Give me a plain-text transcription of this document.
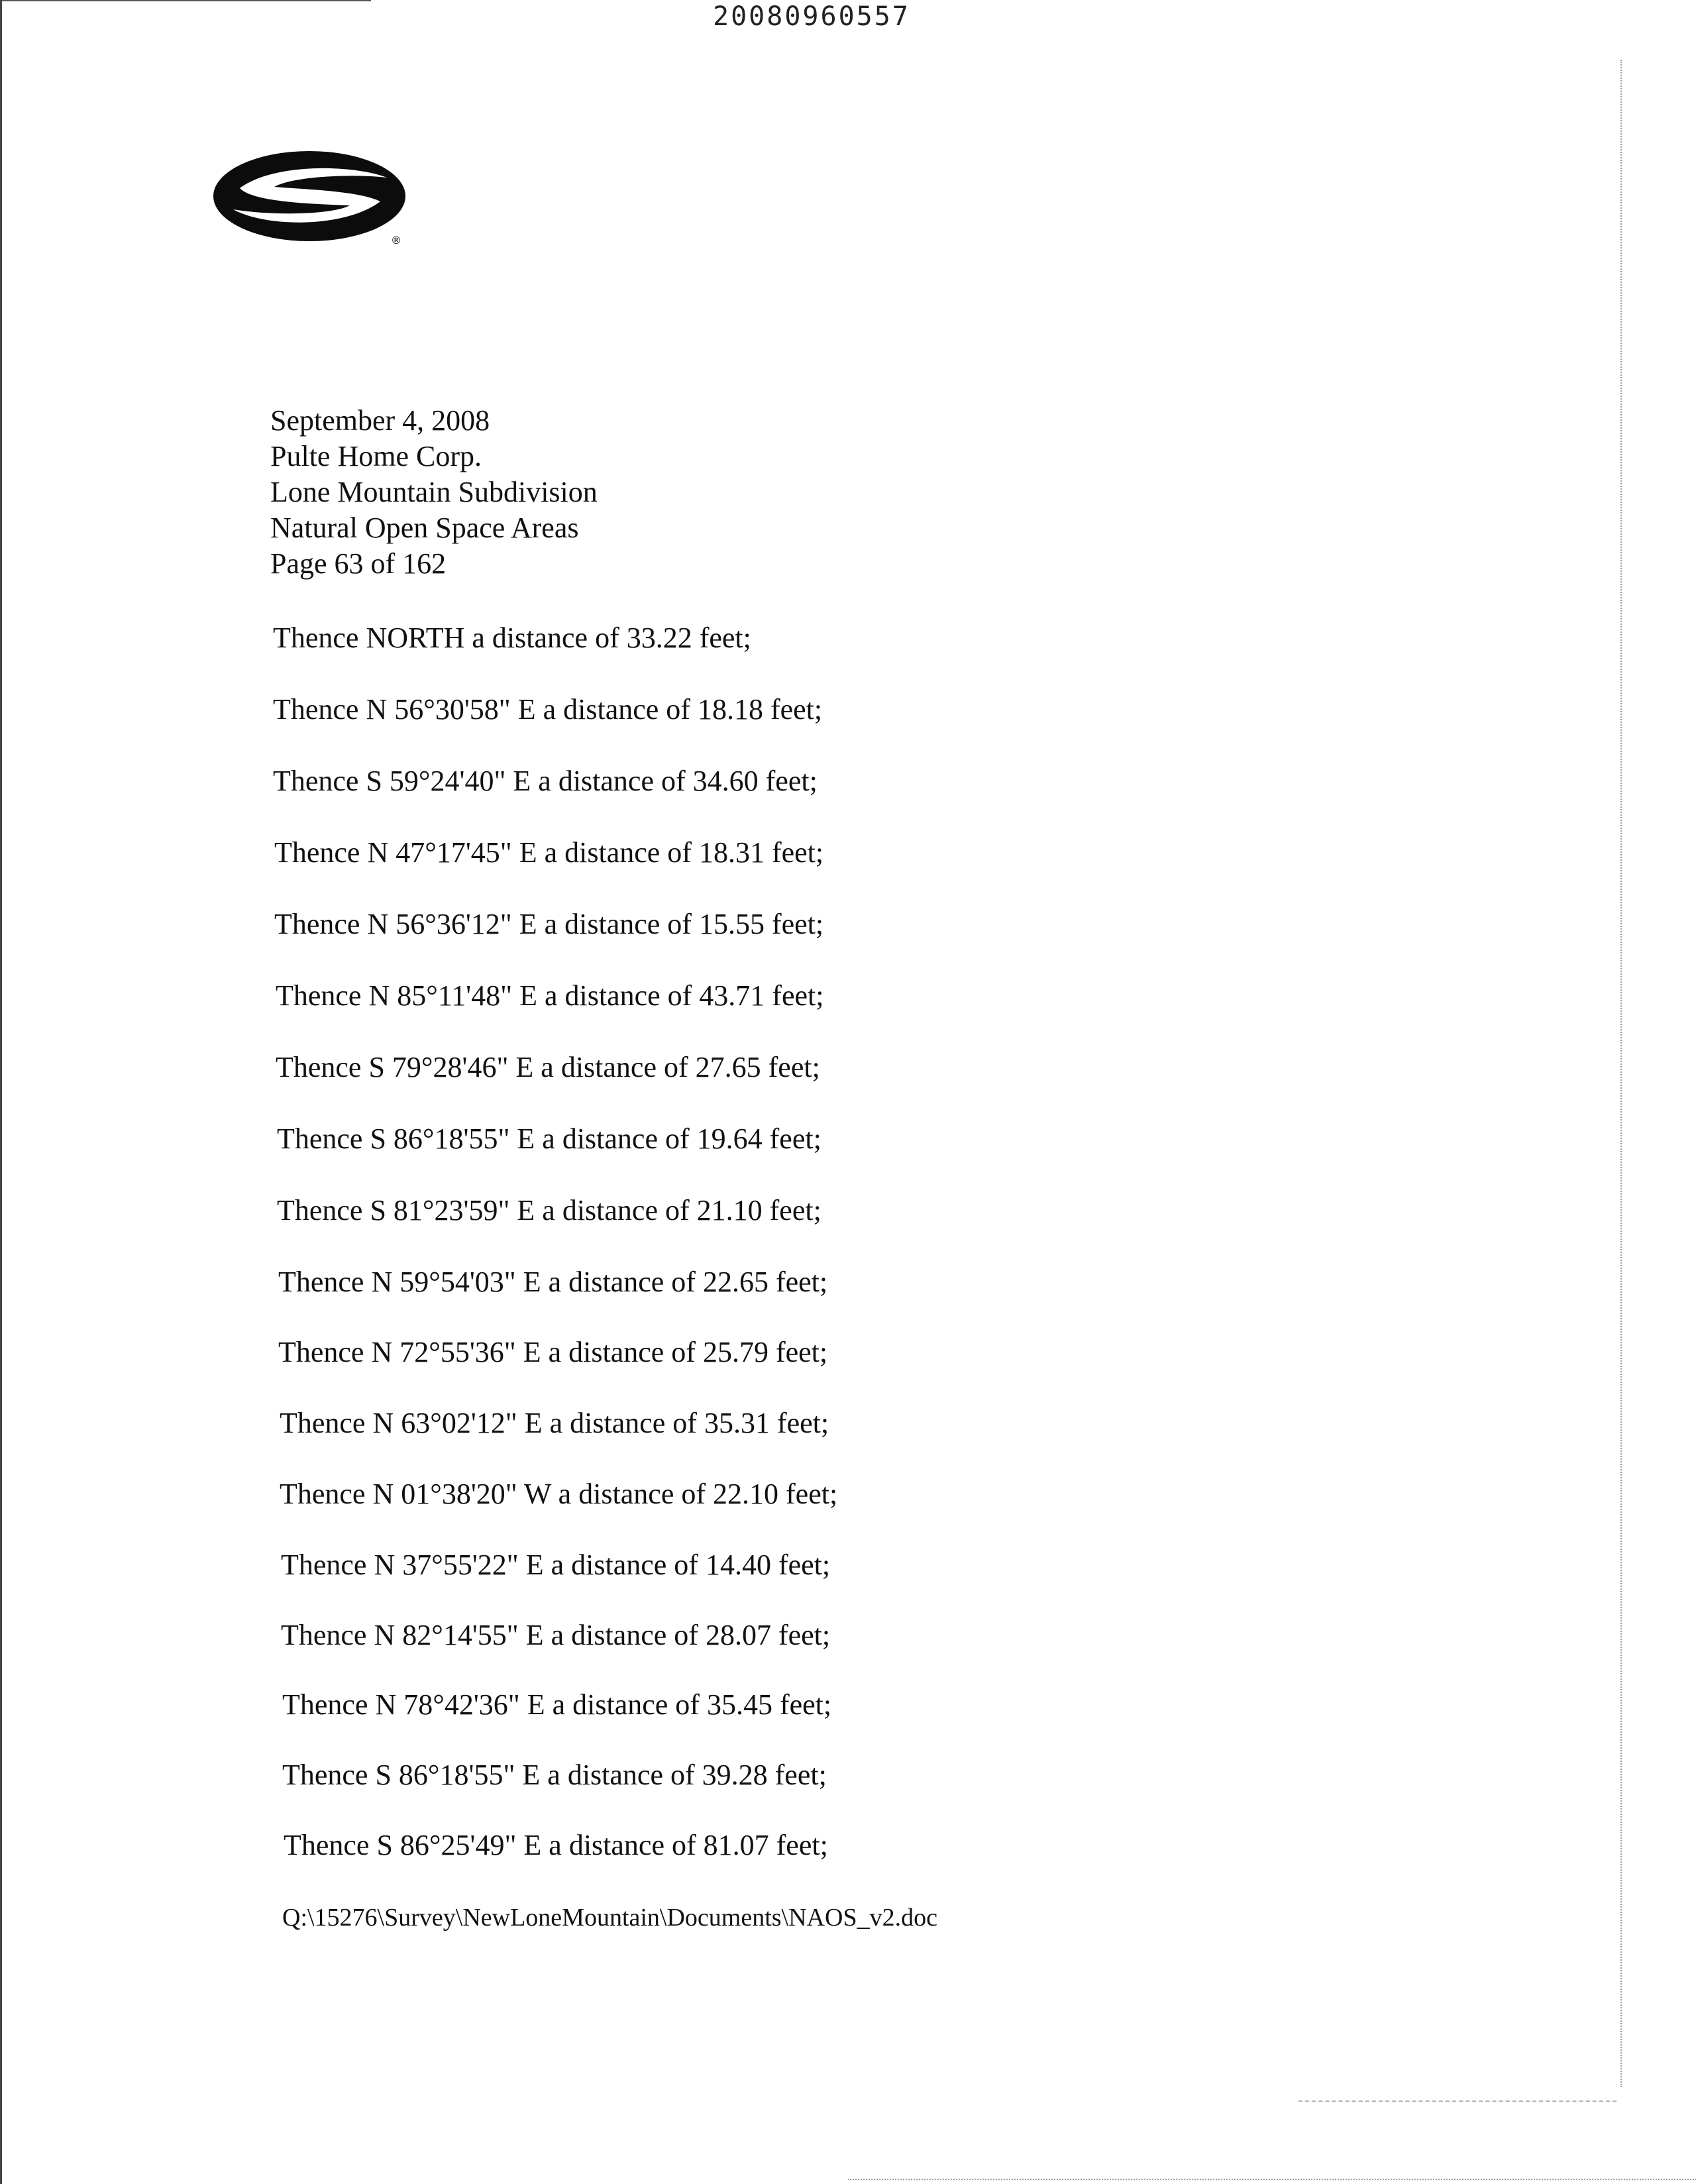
20080960557
®
September 4, 2008
Pulte Home Corp.
Lone Mountain Subdivision
Natural Open Space Areas
Page 63 of 162
Thence NORTH a distance of 33.22 feet;
Thence N 56°30'58" E a distance of 18.18 feet;
Thence S 59°24'40" E a distance of 34.60 feet;
Thence N 47°17'45" E a distance of 18.31 feet;
Thence N 56°36'12" E a distance of 15.55 feet;
Thence N 85°11'48" E a distance of 43.71 feet;
Thence S 79°28'46" E a distance of 27.65 feet;
Thence S 86°18'55" E a distance of 19.64 feet;
Thence S 81°23'59" E a distance of 21.10 feet;
Thence N 59°54'03" E a distance of 22.65 feet;
Thence N 72°55'36" E a distance of 25.79 feet;
Thence N 63°02'12" E a distance of 35.31 feet;
Thence N 01°38'20" W a distance of 22.10 feet;
Thence N 37°55'22" E a distance of 14.40 feet;
Thence N 82°14'55" E a distance of 28.07 feet;
Thence N 78°42'36" E a distance of 35.45 feet;
Thence S 86°18'55" E a distance of 39.28 feet;
Thence S 86°25'49" E a distance of 81.07 feet;
Q:\15276\Survey\NewLoneMountain\Documents\NAOS_v2.doc
